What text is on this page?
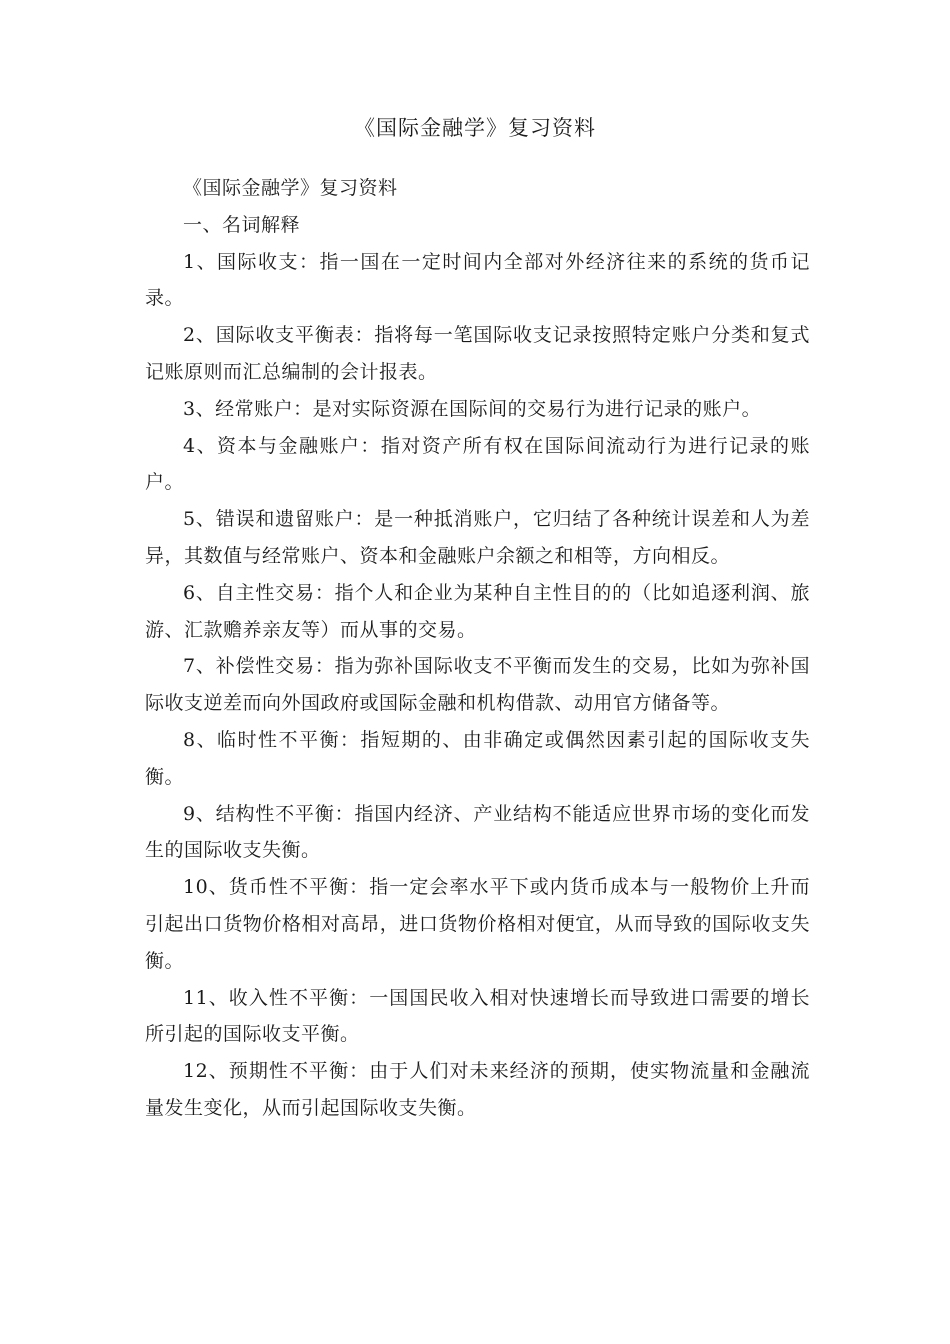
《国际金融学》复习资料

《国际金融学》复习资料

一、名词解释

1、国际收支：指一国在一定时间内全部对外经济往来的系统的货币记录。

2、国际收支平衡表：指将每一笔国际收支记录按照特定账户分类和复式记账原则而汇总编制的会计报表。

3、经常账户：是对实际资源在国际间的交易行为进行记录的账户。

4、资本与金融账户：指对资产所有权在国际间流动行为进行记录的账户。

5、错误和遗留账户：是一种抵消账户，它归结了各种统计误差和人为差异，其数值与经常账户、资本和金融账户余额之和相等，方向相反。

6、自主性交易：指个人和企业为某种自主性目的的（比如追逐利润、旅游、汇款赡养亲友等）而从事的交易。

7、补偿性交易：指为弥补国际收支不平衡而发生的交易，比如为弥补国际收支逆差而向外国政府或国际金融和机构借款、动用官方储备等。

8、临时性不平衡：指短期的、由非确定或偶然因素引起的国际收支失衡。

9、结构性不平衡：指国内经济、产业结构不能适应世界市场的变化而发生的国际收支失衡。

10、货币性不平衡：指一定会率水平下或内货币成本与一般物价上升而引起出口货物价格相对高昂，进口货物价格相对便宜，从而导致的国际收支失衡。

11、收入性不平衡：一国国民收入相对快速增长而导致进口需要的增长所引起的国际收支平衡。

12、预期性不平衡：由于人们对未来经济的预期，使实物流量和金融流量发生变化，从而引起国际收支失衡。
